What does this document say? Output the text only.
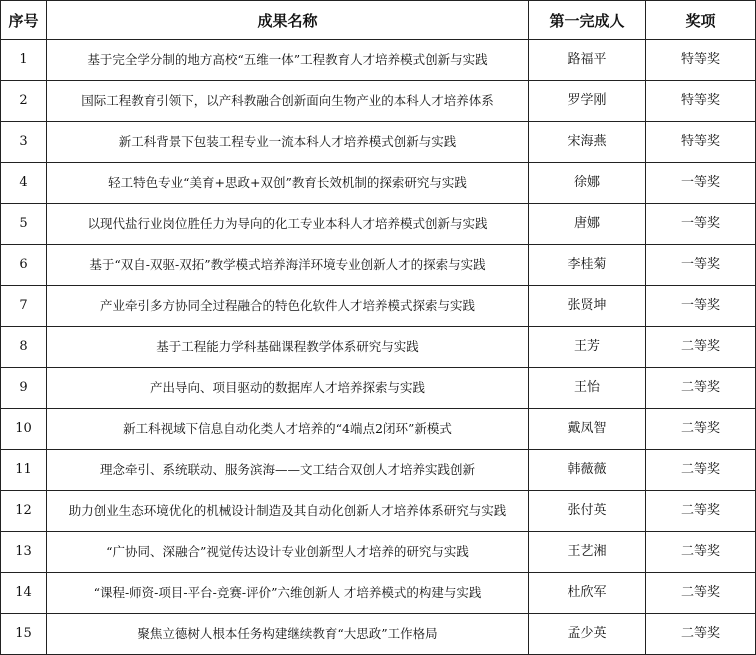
序号	成果名称	第一完成人	奖项
1	基于完全学分制的地方高校“五维一体”工程教育人才培养模式创新与实践	路福平	特等奖
2	国际工程教育引领下，以产科教融合创新面向生物产业的本科人才培养体系	罗学刚	特等奖
3	新工科背景下包装工程专业一流本科人才培养模式创新与实践	宋海燕	特等奖
4	轻工特色专业“美育+思政+双创”教育长效机制的探索研究与实践	徐娜	一等奖
5	以现代盐行业岗位胜任力为导向的化工专业本科人才培养模式创新与实践	唐娜	一等奖
6	基于“双自-双驱-双拓”教学模式培养海洋环境专业创新人才的探索与实践	李桂菊	一等奖
7	产业牵引多方协同全过程融合的特色化软件人才培养模式探索与实践	张贤坤	一等奖
8	基于工程能力学科基础课程教学体系研究与实践	王芳	二等奖
9	产出导向、项目驱动的数据库人才培养探索与实践	王怡	二等奖
10	新工科视域下信息自动化类人才培养的“4端点2闭环”新模式	戴凤智	二等奖
11	理念牵引、系统联动、服务滨海——文工结合双创人才培养实践创新	韩薇薇	二等奖
12	助力创业生态环境优化的机械设计制造及其自动化创新人才培养体系研究与实践	张付英	二等奖
13	“广协同、深融合”视觉传达设计专业创新型人才培养的研究与实践	王艺湘	二等奖
14	“课程-师资-项目-平台-竞赛-评价”六维创新人 才培养模式的构建与实践	杜欣军	二等奖
15	聚焦立德树人根本任务构建继续教育“大思政”工作格局	孟少英	二等奖
